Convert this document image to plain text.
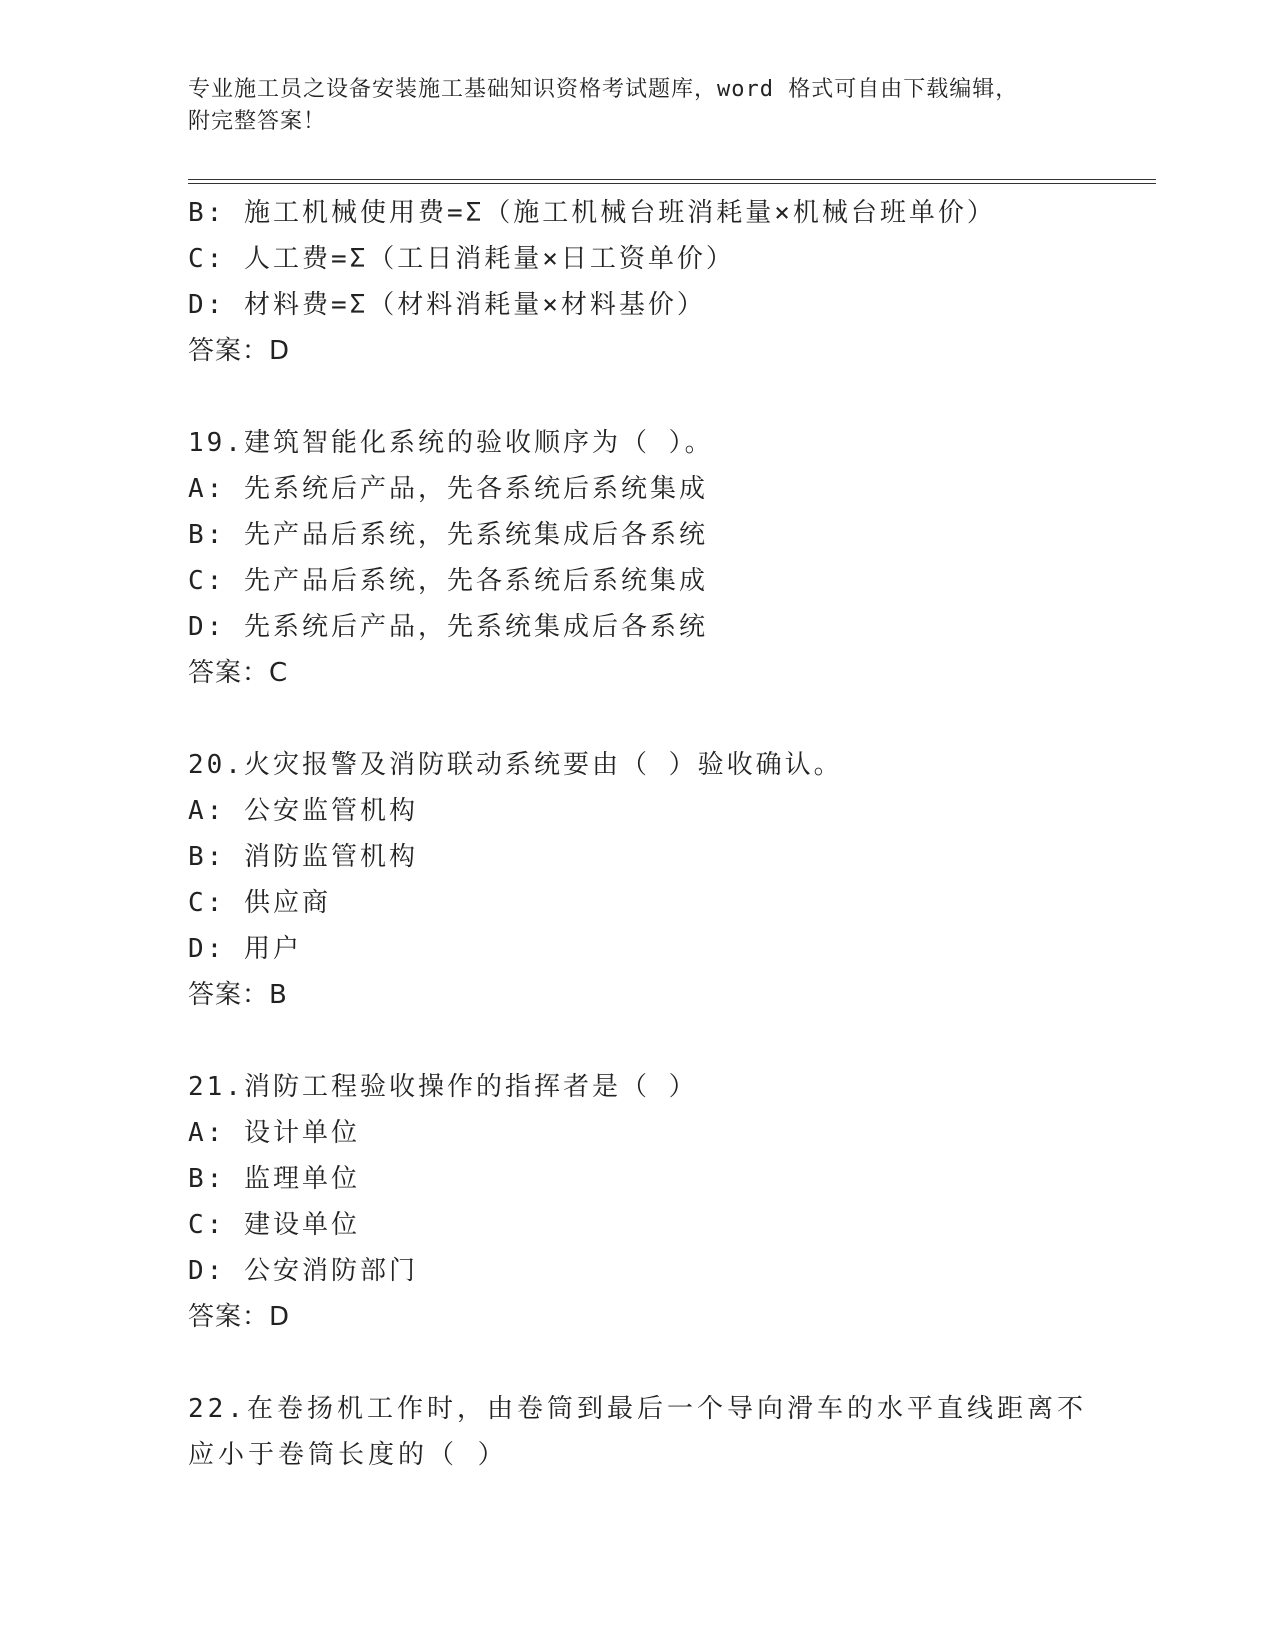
专业施工员之设备安装施工基础知识资格考试题库，word 格式可自由下载编辑，
附完整答案！
B: 施工机械使用费=Σ（施工机械台班消耗量×机械台班单价）
C: 人工费=Σ（工日消耗量×日工资单价）
D: 材料费=Σ（材料消耗量×材料基价）
答案：D
19.建筑智能化系统的验收顺序为（ ）。
A: 先系统后产品，先各系统后系统集成
B: 先产品后系统，先系统集成后各系统
C: 先产品后系统，先各系统后系统集成
D: 先系统后产品，先系统集成后各系统
答案：C
20.火灾报警及消防联动系统要由（ ）验收确认。
A: 公安监管机构
B: 消防监管机构
C: 供应商
D: 用户
答案：B
21.消防工程验收操作的指挥者是（ ）
A: 设计单位
B: 监理单位
C: 建设单位
D: 公安消防部门
答案：D
22.在卷扬机工作时，由卷筒到最后一个导向滑车的水平直线距离不应小于卷筒长度的（ ）
